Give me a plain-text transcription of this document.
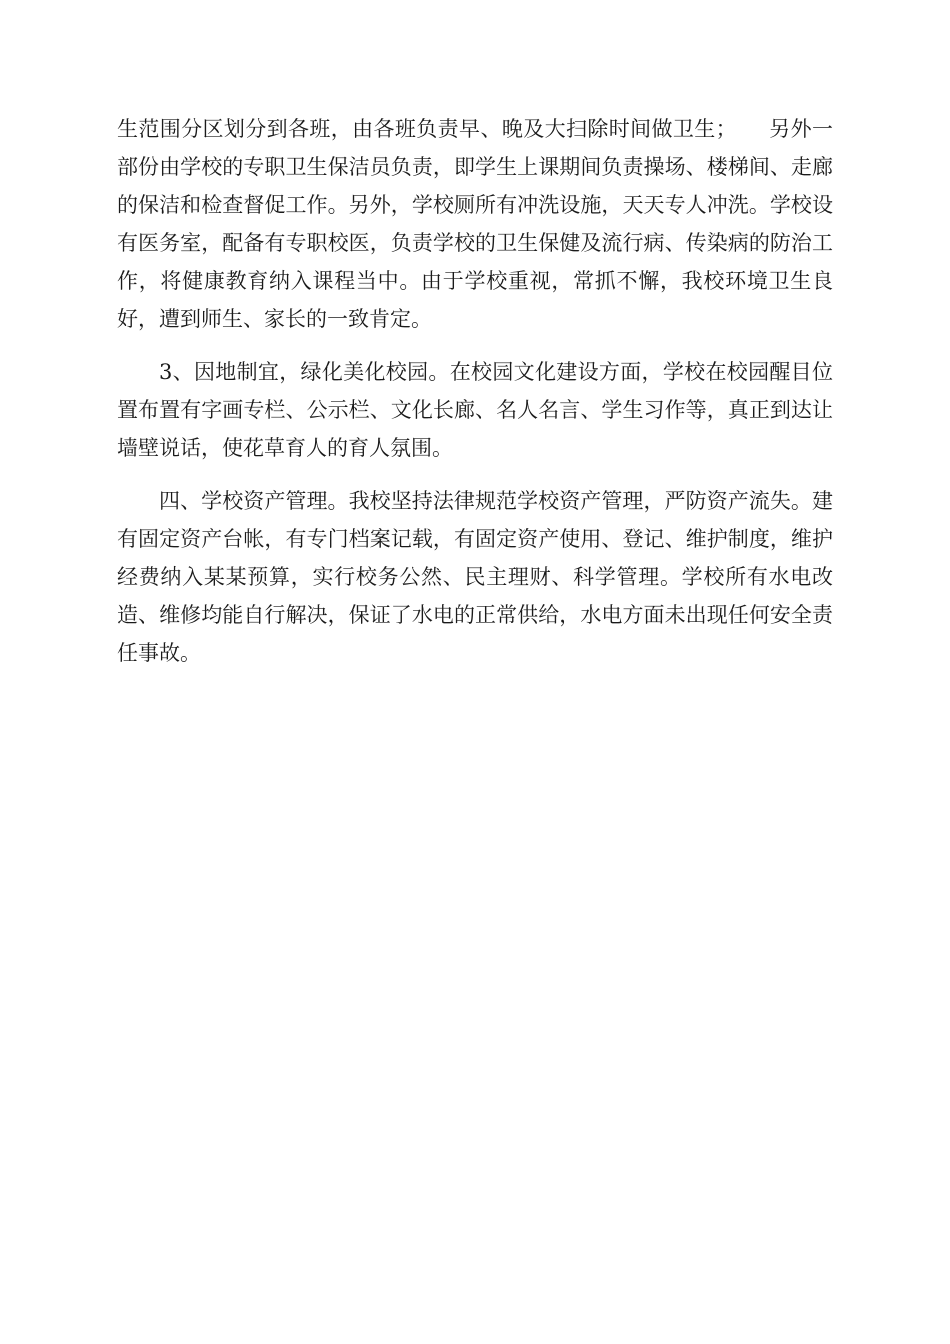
生范围分区划分到各班，由各班负责早、晚及大扫除时间做卫生；　　另外一部份由学校的专职卫生保洁员负责，即学生上课期间负责操场、楼梯间、走廊的保洁和检查督促工作。另外，学校厕所有冲洗设施，天天专人冲洗。学校设有医务室，配备有专职校医，负责学校的卫生保健及流行病、传染病的防治工作，将健康教育纳入课程当中。由于学校重视，常抓不懈，我校环境卫生良好，遭到师生、家长的一致肯定。

3、因地制宜，绿化美化校园。在校园文化建设方面，学校在校园醒目位置布置有字画专栏、公示栏、文化长廊、名人名言、学生习作等，真正到达让墙壁说话，使花草育人的育人氛围。

四、学校资产管理。我校坚持法律规范学校资产管理，严防资产流失。建有固定资产台帐，有专门档案记载，有固定资产使用、登记、维护制度，维护经费纳入某某预算，实行校务公然、民主理财、科学管理。学校所有水电改造、维修均能自行解决，保证了水电的正常供给，水电方面未出现任何安全责任事故。
